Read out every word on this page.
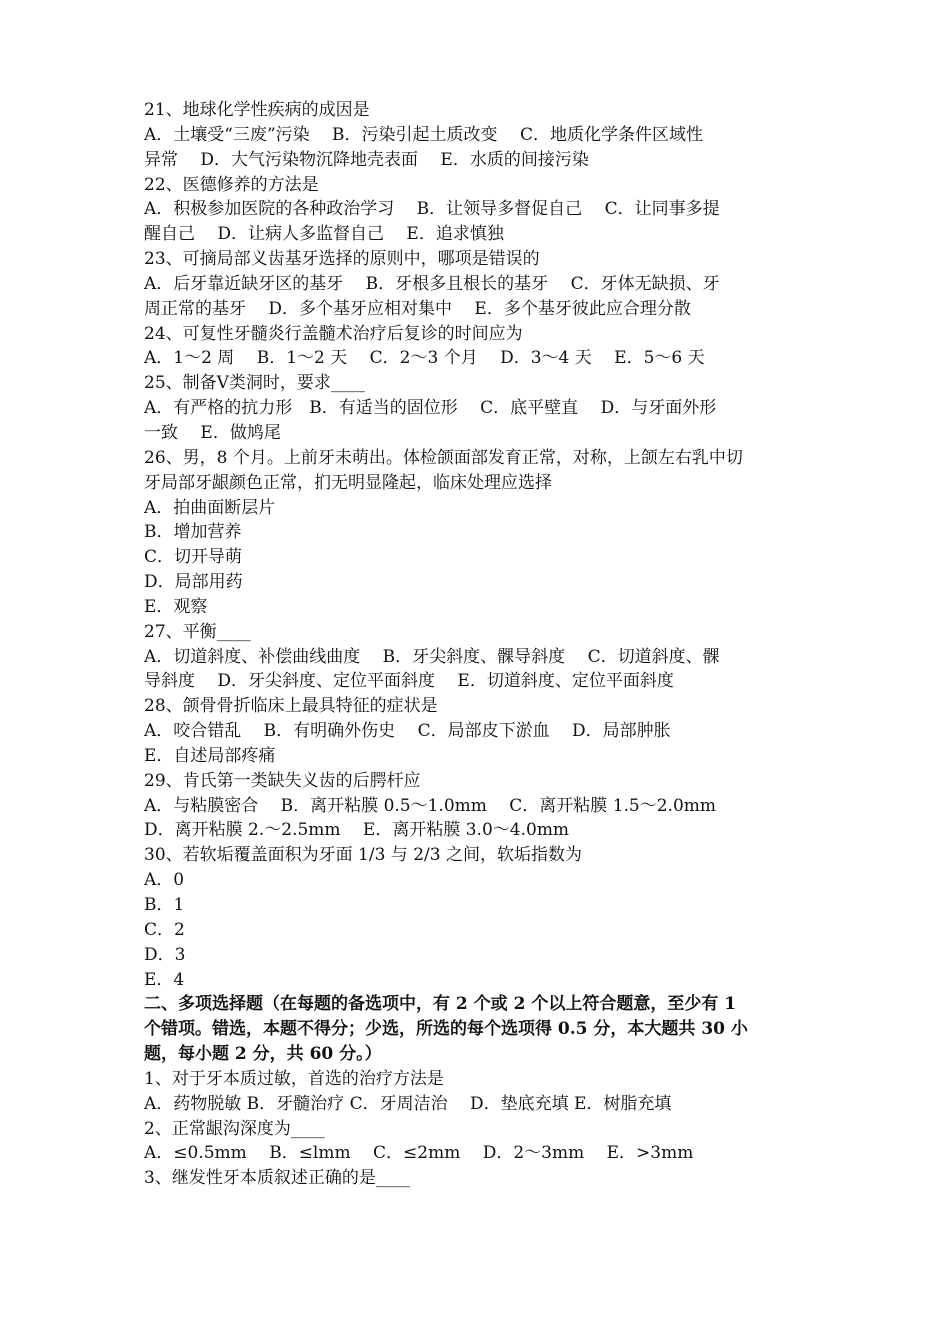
21、地球化学性疾病的成因是
A．土壤受“三废”污染　 B．污染引起土质改变　 C．地质化学条件区域性
异常　 D．大气污染物沉降地壳表面　 E．水质的间接污染
22、医德修养的方法是
A．积极参加医院的各种政治学习　 B．让领导多督促自己　 C．让同事多提
醒自己　 D．让病人多监督自己　 E．追求慎独
23、可摘局部义齿基牙选择的原则中，哪项是错误的
A．后牙靠近缺牙区的基牙　 B．牙根多且根长的基牙　 C．牙体无缺损、牙
周正常的基牙　 D．多个基牙应相对集中　 E．多个基牙彼此应合理分散
24、可复性牙髓炎行盖髓术治疗后复诊的时间应为
A．1～2 周　 B．1～2 天　 C．2～3 个月　 D．3～4 天　 E．5～6 天
25、制备Ⅴ类洞时，要求____
A．有严格的抗力形　B．有适当的固位形　 C．底平壁直　 D．与牙面外形
一致　 E．做鸠尾
26、男，8 个月。上前牙未萌出。体检颌面部发育正常，对称，上颌左右乳中切
牙局部牙龈颜色正常，扪无明显隆起，临床处理应选择
A．拍曲面断层片
B．增加营养
C．切开导萌
D．局部用药
E．观察
27、平衡____
A．切道斜度、补偿曲线曲度　 B．牙尖斜度、髁导斜度　 C．切道斜度、髁
导斜度　 D．牙尖斜度、定位平面斜度　 E．切道斜度、定位平面斜度
28、颌骨骨折临床上最具特征的症状是
A．咬合错乱　 B．有明确外伤史　 C．局部皮下淤血　 D．局部肿胀
E．自述局部疼痛
29、肯氏第一类缺失义齿的后腭杆应
A．与粘膜密合　 B．离开粘膜 0.5～1.0mm　 C．离开粘膜 1.5～2.0mm
D．离开粘膜 2.～2.5mm　 E．离开粘膜 3.0～4.0mm
30、若软垢覆盖面积为牙面 1/3 与 2/3 之间，软垢指数为
A．0
B．1
C．2
D．3
E．4
二、多项选择题（在每题的备选项中，有 2 个或 2 个以上符合题意，至少有 1
个错项。错选，本题不得分；少选，所选的每个选项得 0.5 分，本大题共 30 小
题，每小题 2 分，共 60 分。）
1、对于牙本质过敏，首选的治疗方法是
A．药物脱敏 B．牙髓治疗 C．牙周洁治　 D．垫底充填 E．树脂充填
2、正常龈沟深度为____
A．≤0.5mm　 B．≤lmm　 C．≤2mm　 D．2～3mm　 E．>3mm
3、继发性牙本质叙述正确的是____
